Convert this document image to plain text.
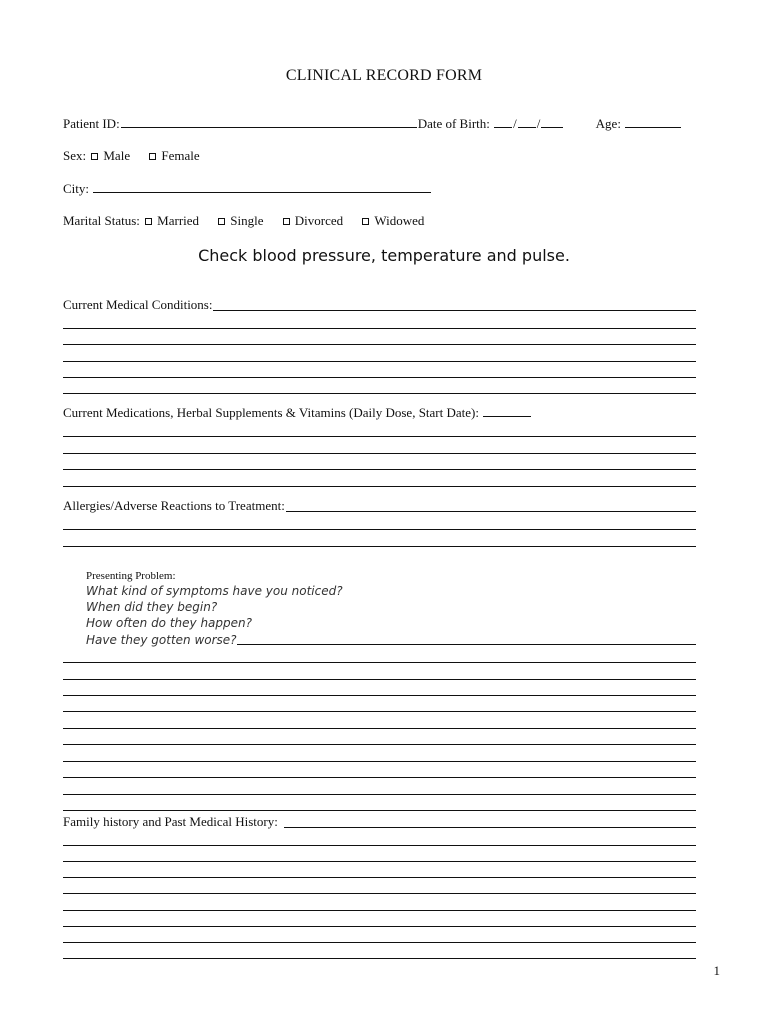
CLINICAL RECORD FORM
Patient ID:	Date of Birth: / /	Age:
Sex: Male Female
City:
Marital Status: Married Single Divorced Widowed
Check blood pressure, temperature and pulse.
Current Medical Conditions:
Current Medications, Herbal Supplements & Vitamins (Daily Dose, Start Date):
Allergies/Adverse Reactions to Treatment:
Presenting Problem:
What kind of symptoms have you noticed?
When did they begin?
How often do they happen?
Have they gotten worse?
Family history and Past Medical History:
1
